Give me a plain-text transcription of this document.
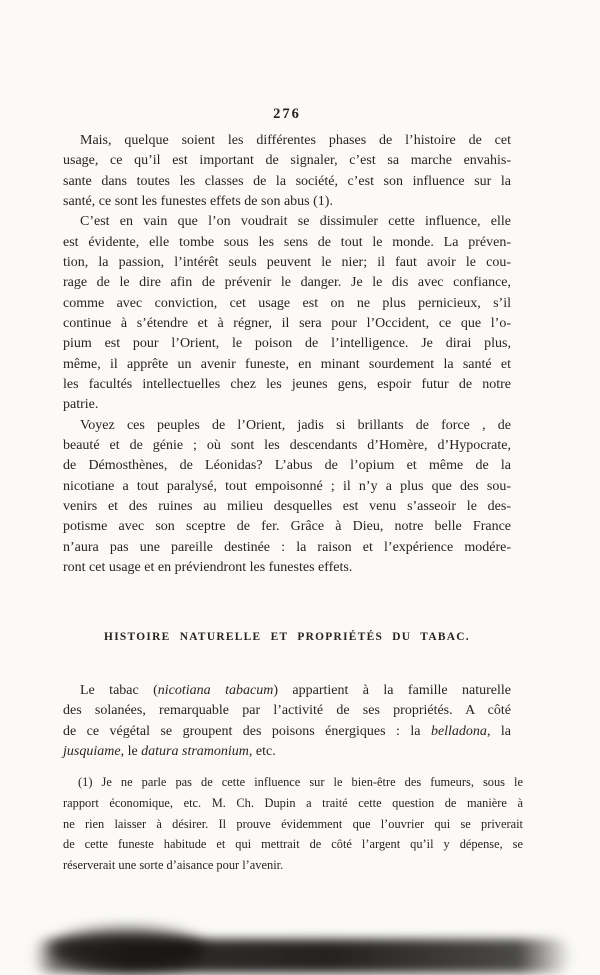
276
Mais, quelque soient les différentes phases de l’histoire de cet
usage, ce qu’il est important de signaler, c’est sa marche envahis-
sante dans toutes les classes de la société, c’est son influence sur la
santé, ce sont les funestes effets de son abus (1).
C’est en vain que l’on voudrait se dissimuler cette influence, elle
est évidente, elle tombe sous les sens de tout le monde. La préven-
tion, la passion, l’intérêt seuls peuvent le nier; il faut avoir le cou-
rage de le dire afin de prévenir le danger. Je le dis avec confiance,
comme avec conviction, cet usage est on ne plus pernicieux, s’il
continue à s’étendre et à régner, il sera pour l’Occident, ce que l’o-
pium est pour l’Orient, le poison de l’intelligence. Je dirai plus,
même, il apprête un avenir funeste, en minant sourdement la santé et
les facultés intellectuelles chez les jeunes gens, espoir futur de notre
patrie.
Voyez ces peuples de l’Orient, jadis si brillants de force , de
beauté et de génie ; où sont les descendants d’Homère, d’Hypocrate,
de Démosthènes, de Léonidas? L’abus de l’opium et même de la
nicotiane a tout paralysé, tout empoisonné ; il n’y a plus que des sou-
venirs et des ruines au milieu desquelles est venu s’asseoir le des-
potisme avec son sceptre de fer. Grâce à Dieu, notre belle France
n’aura pas une pareille destinée : la raison et l’expérience modére-
ront cet usage et en préviendront les funestes effets.
HISTOIRE NATURELLE ET PROPRIÉTÉS DU TABAC.
Le tabac (nicotiana tabacum) appartient à la famille naturelle
des solanées, remarquable par l’activité de ses propriétés. A côté
de ce végétal se groupent des poisons énergiques : la belladona, la
jusquiame, le datura stramonium, etc.
(1) Je ne parle pas de cette influence sur le bien-être des fumeurs, sous le
rapport économique, etc. M. Ch. Dupin a traité cette question de manière à
ne rien laisser à désirer. Il prouve évidemment que l’ouvrier qui se priverait
de cette funeste habitude et qui mettrait de côté l’argent qu’il y dépense, se
réserverait une sorte d’aisance pour l’avenir.
